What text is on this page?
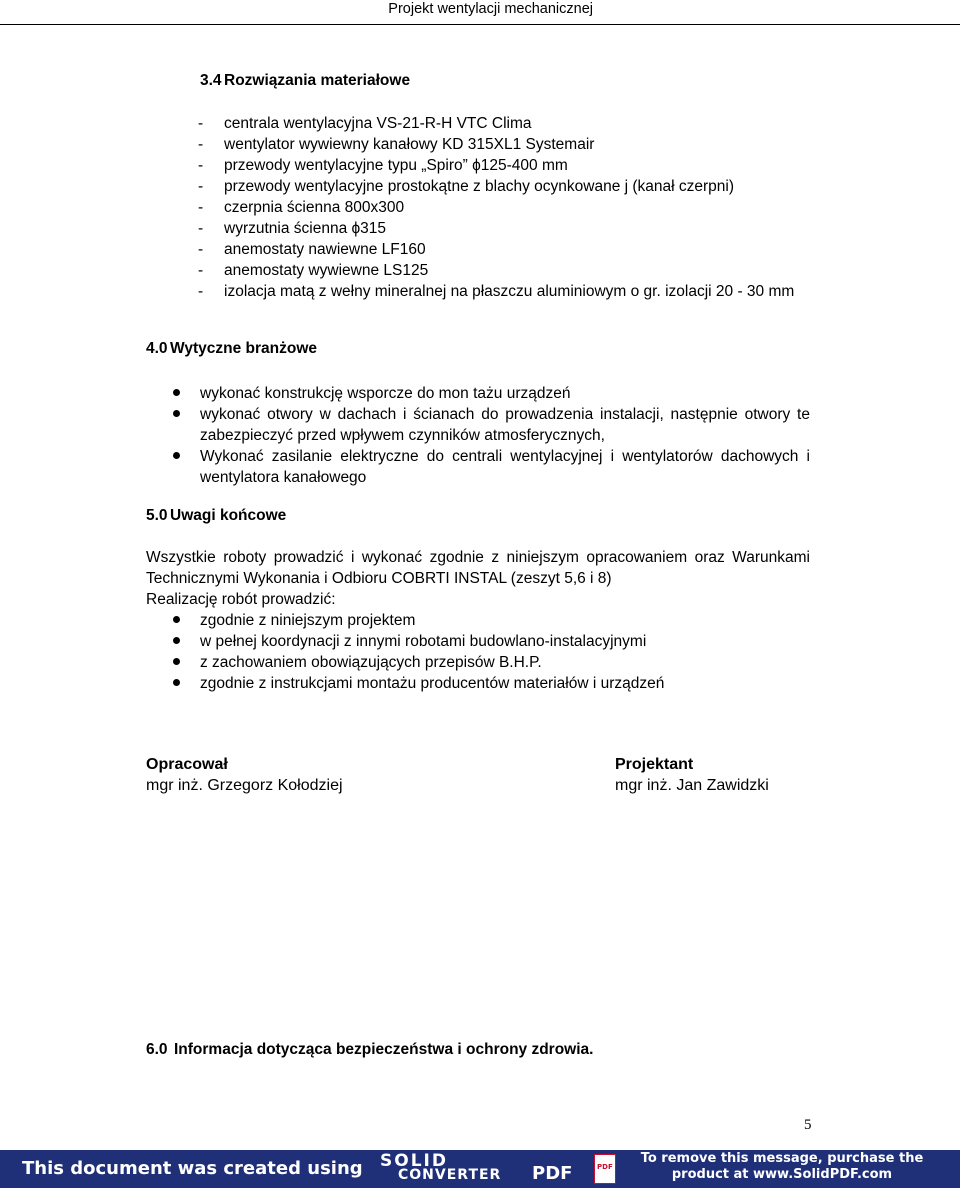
Projekt wentylacji mechanicznej
3.4 Rozwiązania materiałowe
- centrala wentylacyjna VS-21-R-H VTC Clima
- wentylator wywiewny kanałowy KD 315XL1 Systemair
- przewody wentylacyjne typu „Spiro” ϕ125-400 mm
- przewody wentylacyjne prostokątne z blachy ocynkowane j (kanał czerpni)
- czerpnia ścienna 800x300
- wyrzutnia ścienna ϕ315
- anemostaty nawiewne LF160
- anemostaty wywiewne LS125
- izolacja matą z wełny mineralnej na płaszczu aluminiowym o gr. izolacji 20 - 30 mm
4.0 Wytyczne branżowe
wykonać konstrukcję wsporcze do mon tażu urządzeń
wykonać otwory w dachach i ścianach do prowadzenia instalacji, następnie otwory te zabezpieczyć przed wpływem czynników atmosferycznych,
Wykonać zasilanie elektryczne do centrali wentylacyjnej i wentylatorów dachowych i wentylatora kanałowego
5.0 Uwagi końcowe
Wszystkie roboty prowadzić i wykonać zgodnie z niniejszym opracowaniem oraz Warunkami Technicznymi Wykonania i Odbioru COBRTI INSTAL (zeszyt 5,6 i 8)
Realizację robót prowadzić:
zgodnie z niniejszym projektem
w pełnej koordynacji z innymi robotami budowlano-instalacyjnymi
z zachowaniem obowiązujących przepisów B.H.P.
zgodnie z instrukcjami montażu producentów materiałów i urządzeń
Opracował
mgr inż. Grzegorz Kołodziej
Projektant
mgr inż. Jan Zawidzki
6.0 Informacja dotycząca bezpieczeństwa i ochrony zdrowia.
5
This document was created using SOLID
CONVERTER PDF	PDF
To remove this message, purchase the
product at www.SolidPDF.com
